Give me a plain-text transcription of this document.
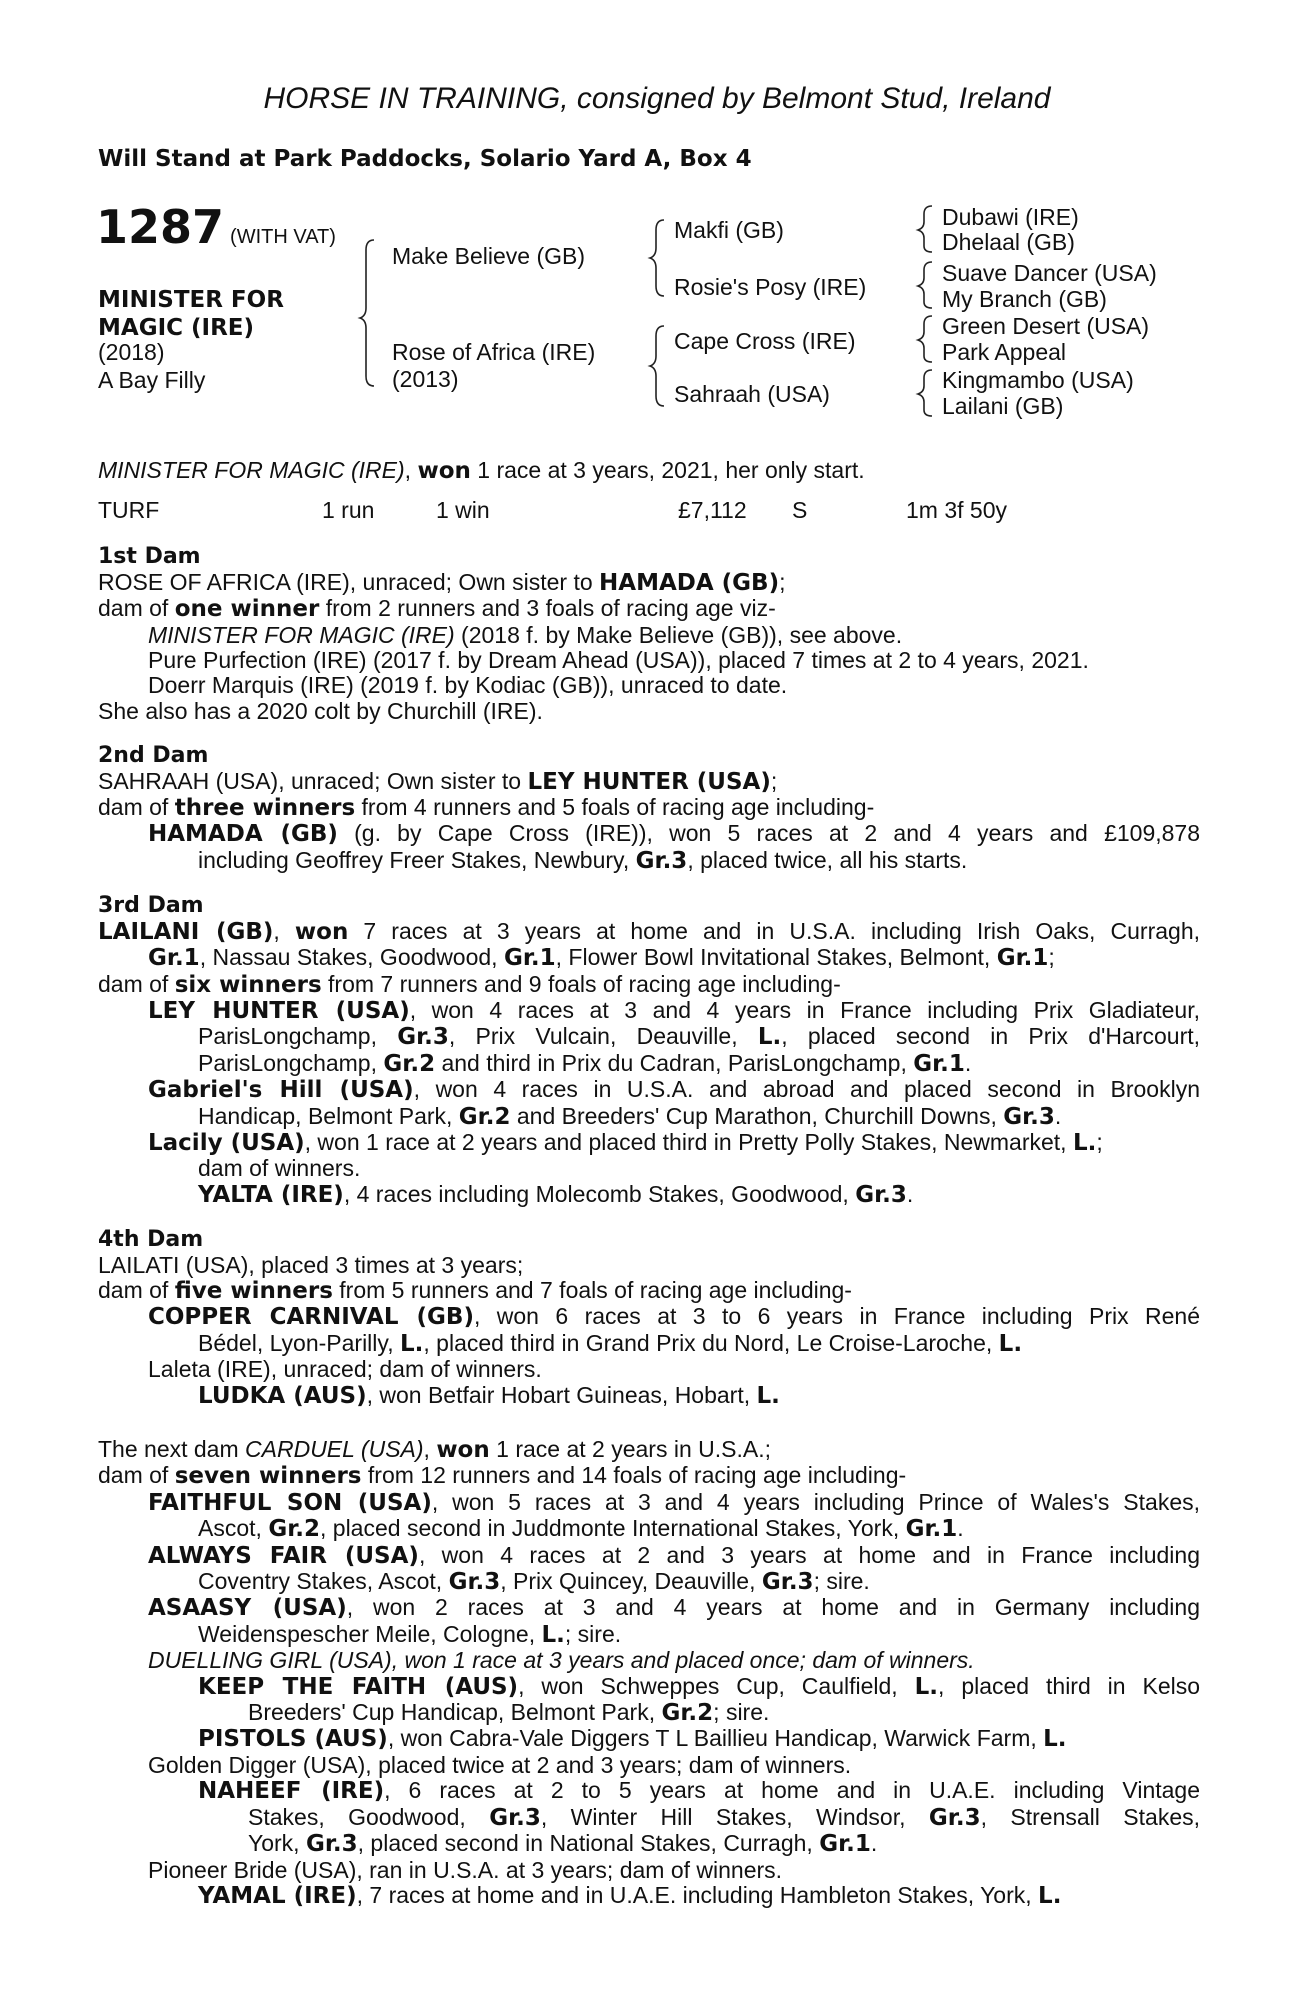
HORSE IN TRAINING, consigned by Belmont Stud, Ireland
Will Stand at Park Paddocks, Solario Yard A, Box 4
1287 (WITH VAT)
MINISTER FOR
MAGIC (IRE)
(2018)
A Bay Filly
Make Believe (GB)
Rose of Africa (IRE)
(2013)
Makfi (GB)
Rosie's Posy (IRE)
Cape Cross (IRE)
Sahraah (USA)
Dubawi (IRE)
Dhelaal (GB)
Suave Dancer (USA)
My Branch (GB)
Green Desert (USA)
Park Appeal
Kingmambo (USA)
Lailani (GB)
MINISTER FOR MAGIC (IRE), won 1 race at 3 years, 2021, her only start.
TURF	1 run	1 win	£7,112 S	1m 3f 50y
1st Dam
ROSE OF AFRICA (IRE), unraced; Own sister to HAMADA (GB);
dam of one winner from 2 runners and 3 foals of racing age viz-
MINISTER FOR MAGIC (IRE) (2018 f. by Make Believe (GB)), see above.
Pure Purfection (IRE) (2017 f. by Dream Ahead (USA)), placed 7 times at 2 to 4 years, 2021.
Doerr Marquis (IRE) (2019 f. by Kodiac (GB)), unraced to date.
She also has a 2020 colt by Churchill (IRE).
2nd Dam
SAHRAAH (USA), unraced; Own sister to LEY HUNTER (USA);
dam of three winners from 4 runners and 5 foals of racing age including-
HAMADA (GB) (g. by Cape Cross (IRE)), won 5 races at 2 and 4 years and £109,878
including Geoffrey Freer Stakes, Newbury, Gr.3, placed twice, all his starts.
3rd Dam
LAILANI (GB), won 7 races at 3 years at home and in U.S.A. including Irish Oaks, Curragh,
Gr.1, Nassau Stakes, Goodwood, Gr.1, Flower Bowl Invitational Stakes, Belmont, Gr.1;
dam of six winners from 7 runners and 9 foals of racing age including-
LEY HUNTER (USA), won 4 races at 3 and 4 years in France including Prix Gladiateur,
ParisLongchamp, Gr.3, Prix Vulcain, Deauville, L., placed second in Prix d'Harcourt,
ParisLongchamp, Gr.2 and third in Prix du Cadran, ParisLongchamp, Gr.1.
Gabriel's Hill (USA), won 4 races in U.S.A. and abroad and placed second in Brooklyn
Handicap, Belmont Park, Gr.2 and Breeders' Cup Marathon, Churchill Downs, Gr.3.
Lacily (USA), won 1 race at 2 years and placed third in Pretty Polly Stakes, Newmarket, L.;
dam of winners.
YALTA (IRE), 4 races including Molecomb Stakes, Goodwood, Gr.3.
4th Dam
LAILATI (USA), placed 3 times at 3 years;
dam of five winners from 5 runners and 7 foals of racing age including-
COPPER CARNIVAL (GB), won 6 races at 3 to 6 years in France including Prix René
Bédel, Lyon-Parilly, L., placed third in Grand Prix du Nord, Le Croise-Laroche, L.
Laleta (IRE), unraced; dam of winners.
LUDKA (AUS), won Betfair Hobart Guineas, Hobart, L.
The next dam CARDUEL (USA), won 1 race at 2 years in U.S.A.;
dam of seven winners from 12 runners and 14 foals of racing age including-
FAITHFUL SON (USA), won 5 races at 3 and 4 years including Prince of Wales's Stakes,
Ascot, Gr.2, placed second in Juddmonte International Stakes, York, Gr.1.
ALWAYS FAIR (USA), won 4 races at 2 and 3 years at home and in France including
Coventry Stakes, Ascot, Gr.3, Prix Quincey, Deauville, Gr.3; sire.
ASAASY (USA), won 2 races at 3 and 4 years at home and in Germany including
Weidenspescher Meile, Cologne, L.; sire.
DUELLING GIRL (USA), won 1 race at 3 years and placed once; dam of winners.
KEEP THE FAITH (AUS), won Schweppes Cup, Caulfield, L., placed third in Kelso
Breeders' Cup Handicap, Belmont Park, Gr.2; sire.
PISTOLS (AUS), won Cabra-Vale Diggers T L Baillieu Handicap, Warwick Farm, L.
Golden Digger (USA), placed twice at 2 and 3 years; dam of winners.
NAHEEF (IRE), 6 races at 2 to 5 years at home and in U.A.E. including Vintage
Stakes, Goodwood, Gr.3, Winter Hill Stakes, Windsor, Gr.3, Strensall Stakes,
York, Gr.3, placed second in National Stakes, Curragh, Gr.1.
Pioneer Bride (USA), ran in U.S.A. at 3 years; dam of winners.
YAMAL (IRE), 7 races at home and in U.A.E. including Hambleton Stakes, York, L.
